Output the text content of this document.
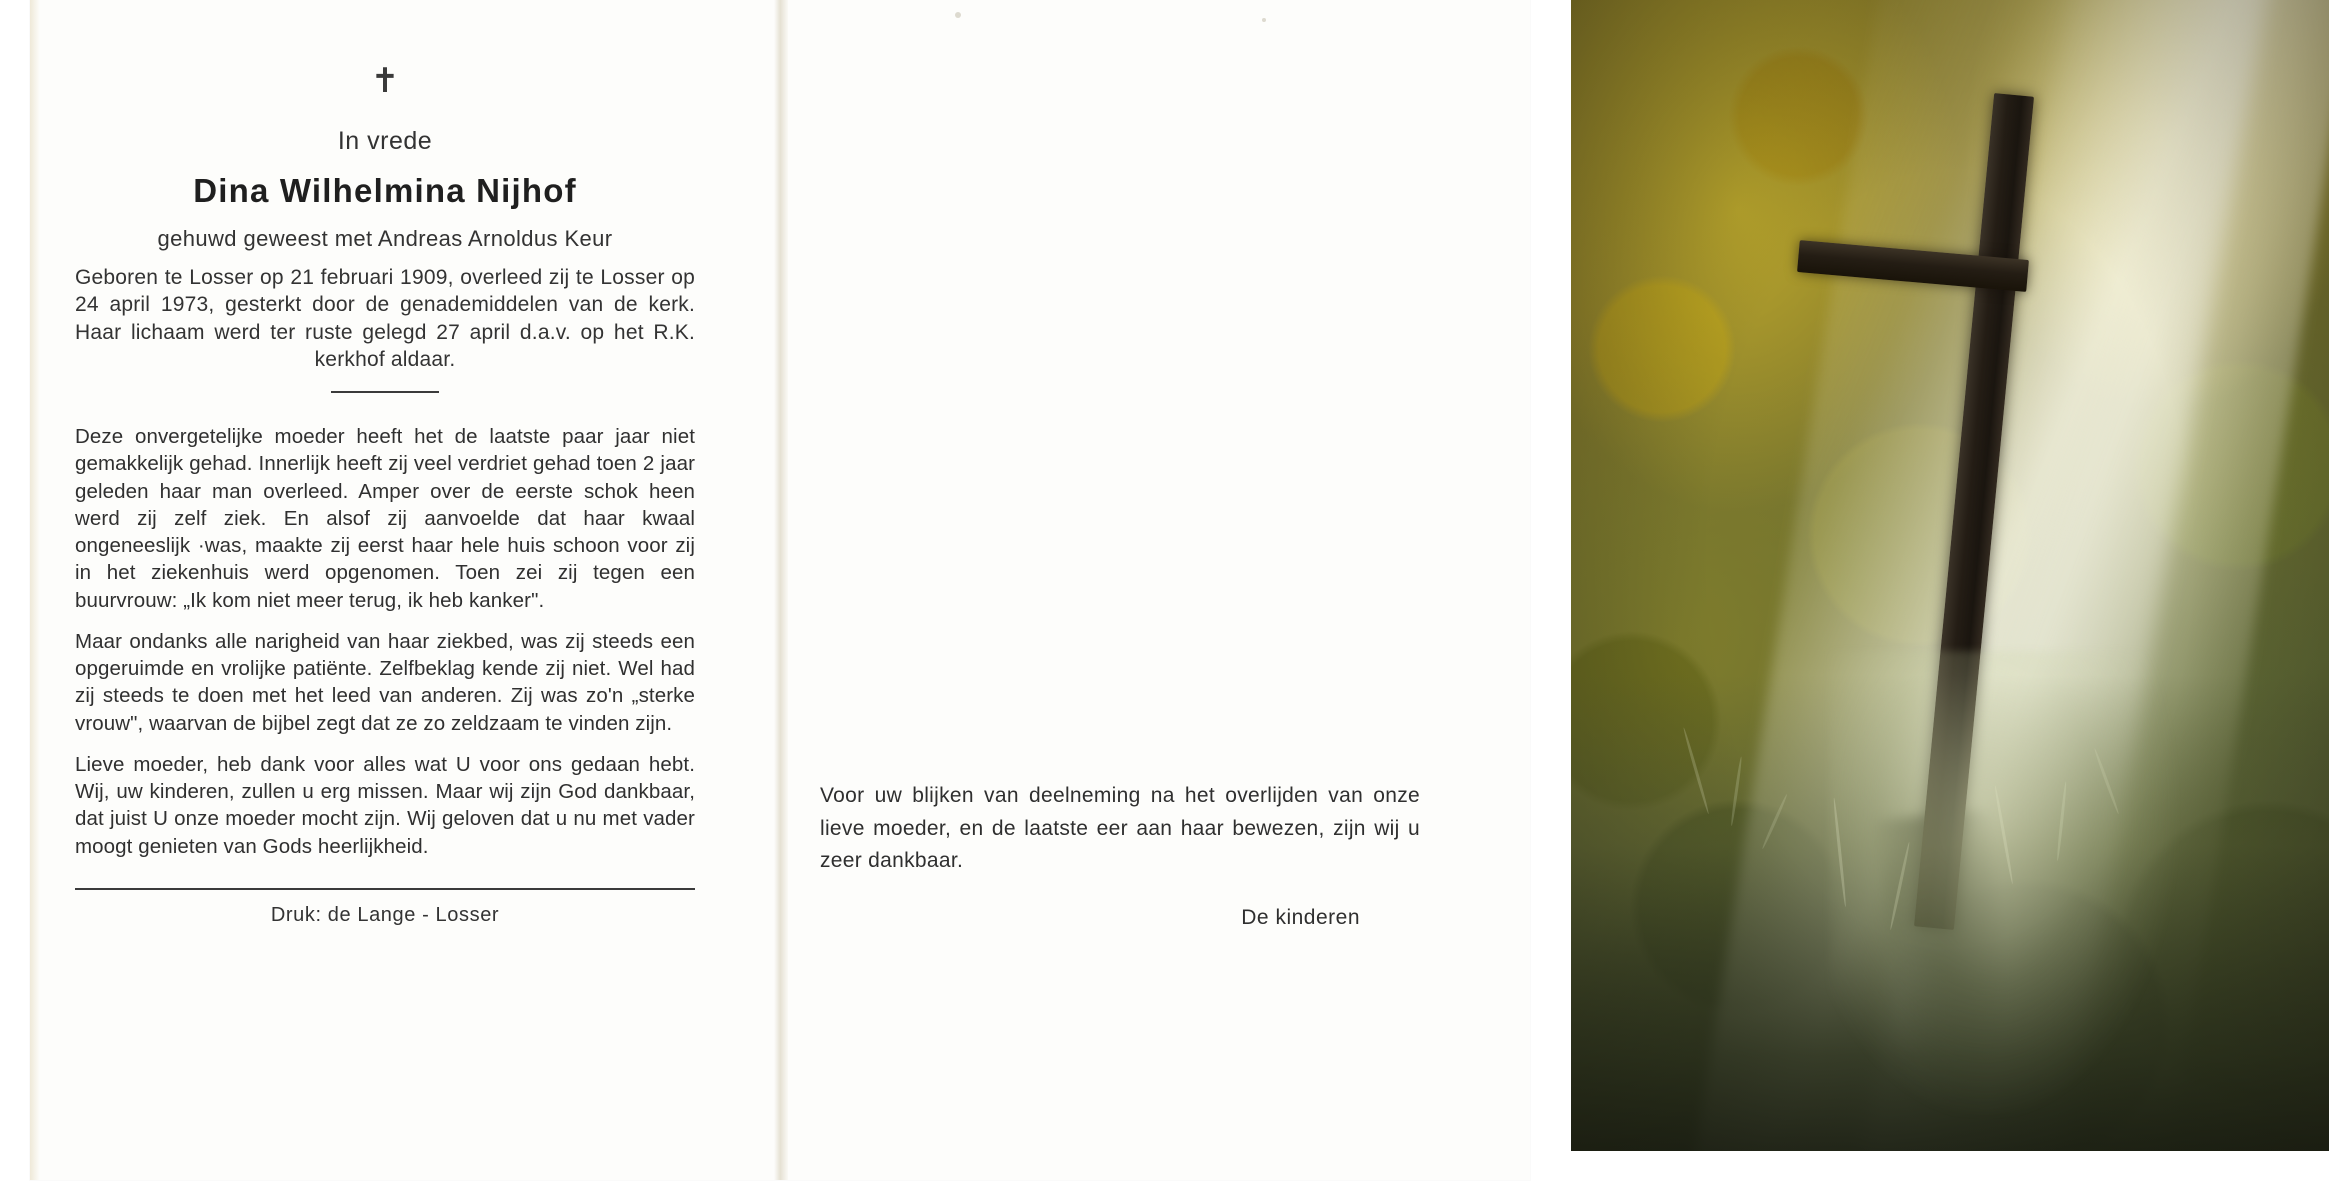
✝
In vrede
Dina Wilhelmina Nijhof
gehuwd geweest met Andreas Arnoldus Keur
Geboren te Losser op 21 februari 1909, overleed zij te Losser op 24 april 1973, gesterkt door de genademiddelen van de kerk. Haar lichaam werd ter ruste gelegd 27 april d.a.v. op het R.K. kerkhof aldaar.

Deze onvergetelijke moeder heeft het de laatste paar jaar niet gemakkelijk gehad. Innerlijk heeft zij veel verdriet gehad toen 2 jaar geleden haar man overleed. Amper over de eerste schok heen werd zij zelf ziek. En alsof zij aanvoelde dat haar kwaal ongeneeslijk ·was, maakte zij eerst haar hele huis schoon voor zij in het ziekenhuis werd opgenomen. Toen zei zij tegen een buurvrouw: „Ik kom niet meer terug, ik heb kanker".

Maar ondanks alle narigheid van haar ziekbed, was zij steeds een opgeruimde en vrolijke patiënte. Zelfbeklag kende zij niet. Wel had zij steeds te doen met het leed van anderen. Zij was zo'n „sterke vrouw", waarvan de bijbel zegt dat ze zo zeldzaam te vinden zijn.

Lieve moeder, heb dank voor alles wat U voor ons gedaan hebt. Wij, uw kinderen, zullen u erg missen. Maar wij zijn God dankbaar, dat juist U onze moeder mocht zijn. Wij geloven dat u nu met vader moogt genieten van Gods heerlijkheid.

Druk: de Lange - Losser
Voor uw blijken van deelneming na het overlijden van onze lieve moeder, en de laatste eer aan haar bewezen, zijn wij u zeer dankbaar.
De kinderen
